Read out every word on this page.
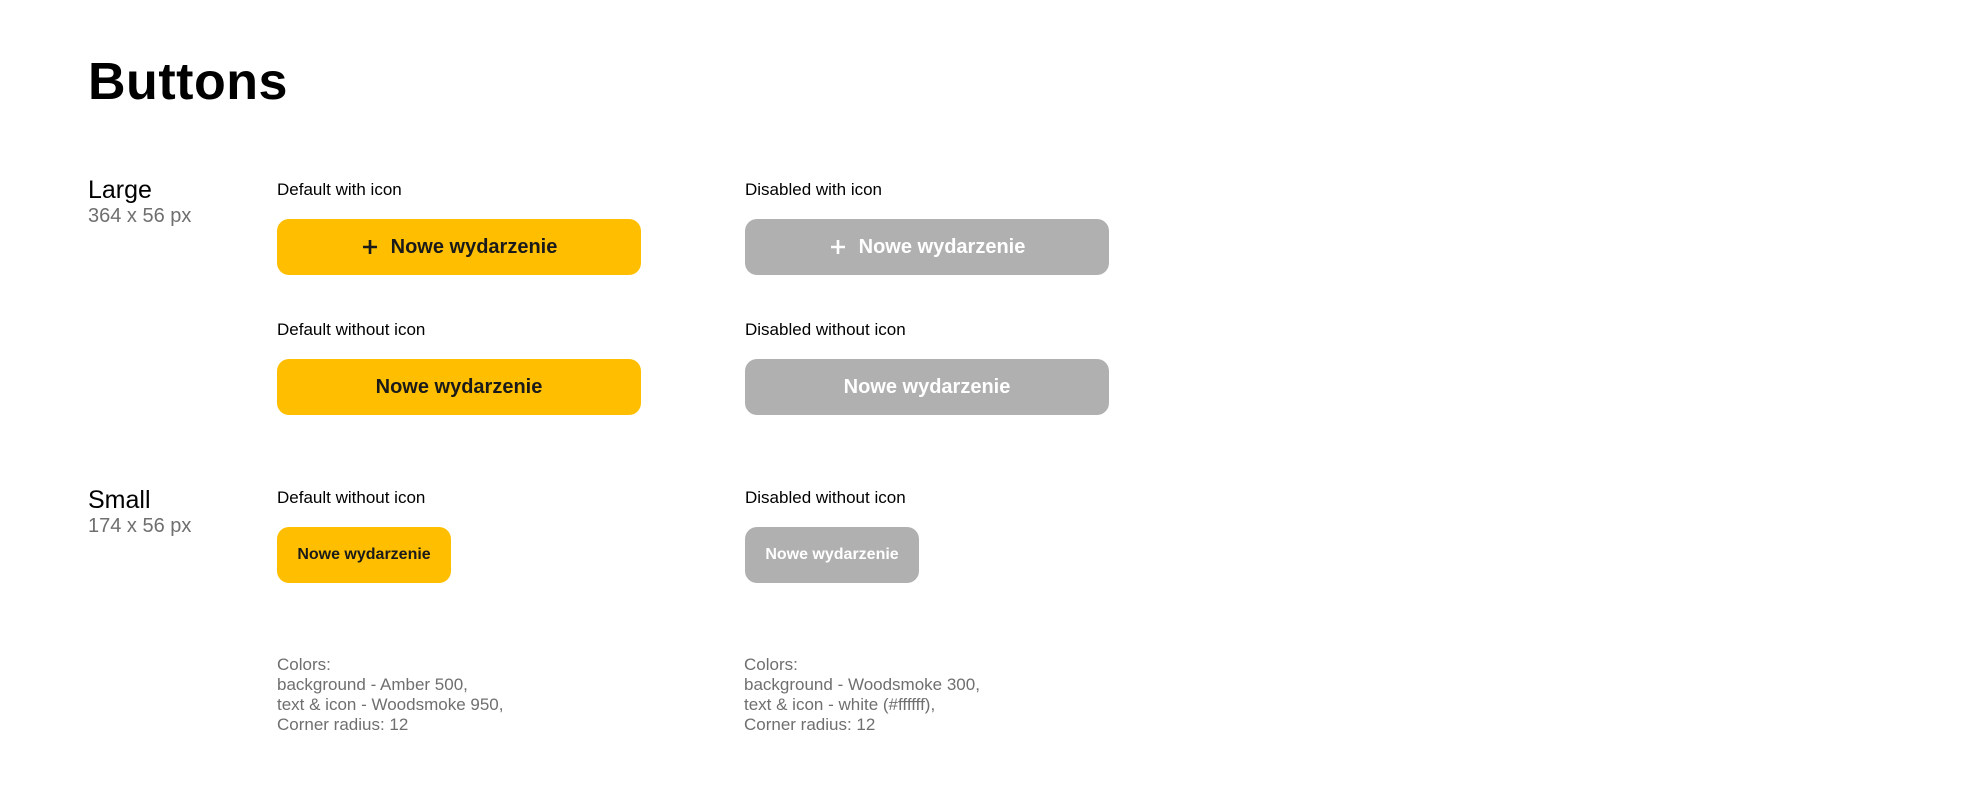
Buttons
Large
364 x 56 px
Default with icon
Nowe wydarzenie
Disabled with icon
Nowe wydarzenie
Default without icon
Nowe wydarzenie
Disabled without icon
Nowe wydarzenie
Small
174 x 56 px
Default without icon
Nowe wydarzenie
Disabled without icon
Nowe wydarzenie
Colors:
background - Amber 500,
text & icon - Woodsmoke 950,
Corner radius: 12
Colors:
background - Woodsmoke 300,
text & icon - white (#ffffff),
Corner radius: 12
